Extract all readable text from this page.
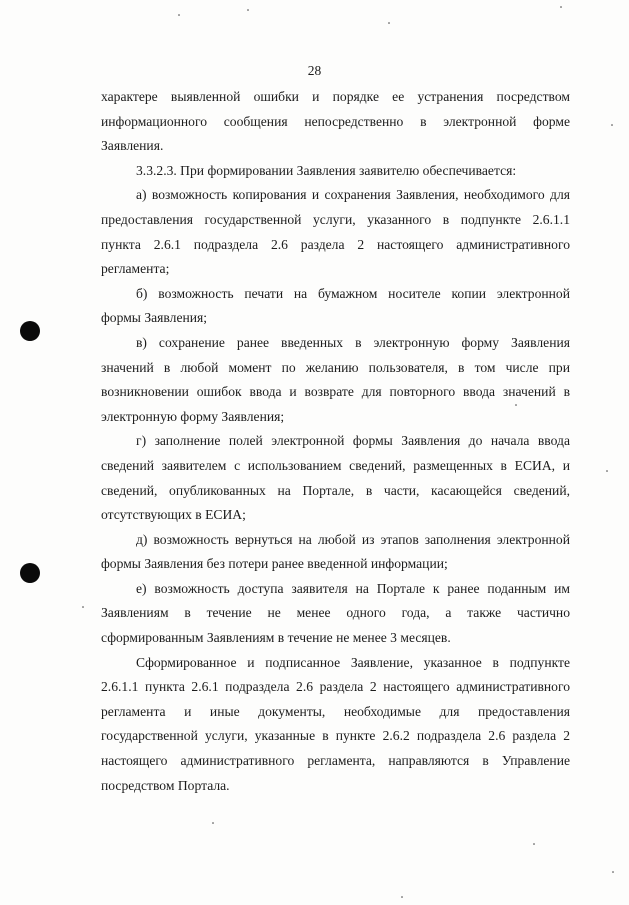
28

характере выявленной ошибки и порядке ее устранения посредством

информационного сообщения непосредственно в электронной форме

Заявления.

3.3.2.3. При формировании Заявления заявителю обеспечивается:

а) возможность копирования и сохранения Заявления, необходимого для

предоставления государственной услуги, указанного в подпункте 2.6.1.1

пункта 2.6.1 подраздела 2.6 раздела 2 настоящего административного

регламента;

б) возможность печати на бумажном носителе копии электронной

формы Заявления;

в) сохранение ранее введенных в электронную форму Заявления

значений в любой момент по желанию пользователя, в том числе при

возникновении ошибок ввода и возврате для повторного ввода значений в

электронную форму Заявления;

г) заполнение полей электронной формы Заявления до начала ввода

сведений заявителем с использованием сведений, размещенных в ЕСИА, и

сведений, опубликованных на Портале, в части, касающейся сведений,

отсутствующих в ЕСИА;

д) возможность вернуться на любой из этапов заполнения электронной

формы Заявления без потери ранее введенной информации;

е) возможность доступа заявителя на Портале к ранее поданным им

Заявлениям в течение не менее одного года, а также частично

сформированным Заявлениям в течение не менее 3 месяцев.

Сформированное и подписанное Заявление, указанное в подпункте

2.6.1.1 пункта 2.6.1 подраздела 2.6 раздела 2 настоящего административного

регламента и иные документы, необходимые для предоставления

государственной услуги, указанные в пункте 2.6.2 подраздела 2.6 раздела 2

настоящего административного регламента, направляются в Управление

посредством Портала.
